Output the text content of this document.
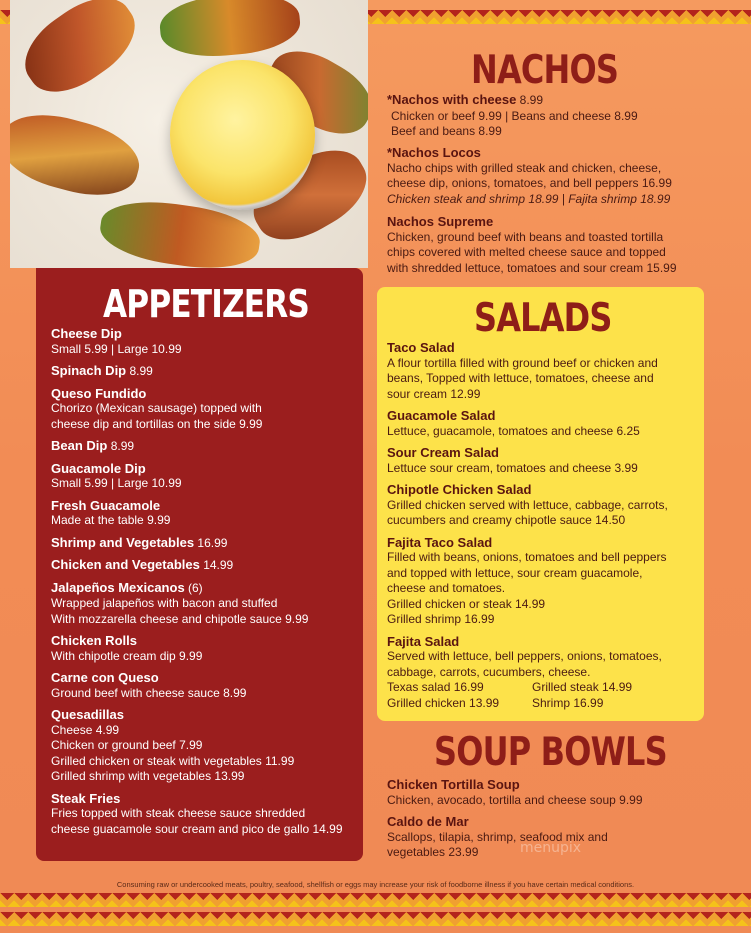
NACHOS
*Nachos with cheese 8.99
Chicken or beef 9.99 | Beans and cheese 8.99
Beef and beans 8.99
*Nachos Locos
Nacho chips with grilled steak and chicken, cheese,
cheese dip, onions, tomatoes, and bell peppers 16.99
Chicken steak and shrimp 18.99 | Fajita shrimp 18.99
Nachos Supreme
Chicken, ground beef with beans and toasted tortilla
chips covered with melted cheese sauce and topped
with shredded lettuce, tomatoes and sour cream 15.99
APPETIZERS
Cheese Dip
Small 5.99 | Large 10.99
Spinach Dip 8.99
Queso Fundido
Chorizo (Mexican sausage) topped with
cheese dip and tortillas on the side 9.99
Bean Dip 8.99
Guacamole Dip
Small 5.99 | Large 10.99
Fresh Guacamole
Made at the table 9.99
Shrimp and Vegetables 16.99
Chicken and Vegetables 14.99
Jalapeños Mexicanos (6)
Wrapped jalapeños with bacon and stuffed
With mozzarella cheese and chipotle sauce 9.99
Chicken Rolls
With chipotle cream dip 9.99
Carne con Queso
Ground beef with cheese sauce 8.99
Quesadillas
Cheese 4.99
Chicken or ground beef 7.99
Grilled chicken or steak with vegetables 11.99
Grilled shrimp with vegetables 13.99
Steak Fries
Fries topped with steak cheese sauce shredded
cheese guacamole sour cream and pico de gallo 14.99
SALADS
Taco Salad
A flour tortilla filled with ground beef or chicken and
beans, Topped with lettuce, tomatoes, cheese and
sour cream 12.99
Guacamole Salad
Lettuce, guacamole, tomatoes and cheese 6.25
Sour Cream Salad
Lettuce sour cream, tomatoes and cheese 3.99
Chipotle Chicken Salad
Grilled chicken served with lettuce, cabbage, carrots,
cucumbers and creamy chipotle sauce 14.50
Fajita Taco Salad
Filled with beans, onions, tomatoes and bell peppers
and topped with lettuce, sour cream guacamole,
cheese and tomatoes.
Grilled chicken or steak 14.99
Grilled shrimp 16.99
Fajita Salad
Served with lettuce, bell peppers, onions, tomatoes,
cabbage, carrots, cucumbers, cheese.
Texas salad 16.99	Grilled steak 14.99
Grilled chicken 13.99	Shrimp 16.99
SOUP BOWLS
Chicken Tortilla Soup
Chicken, avocado, tortilla and cheese soup 9.99
Caldo de Mar
Scallops, tilapia, shrimp, seafood mix and
vegetables 23.99	menupix
Consuming raw or undercooked meats, poultry, seafood, shellfish or eggs may increase your risk of foodborne illness if you have certain medical conditions.
